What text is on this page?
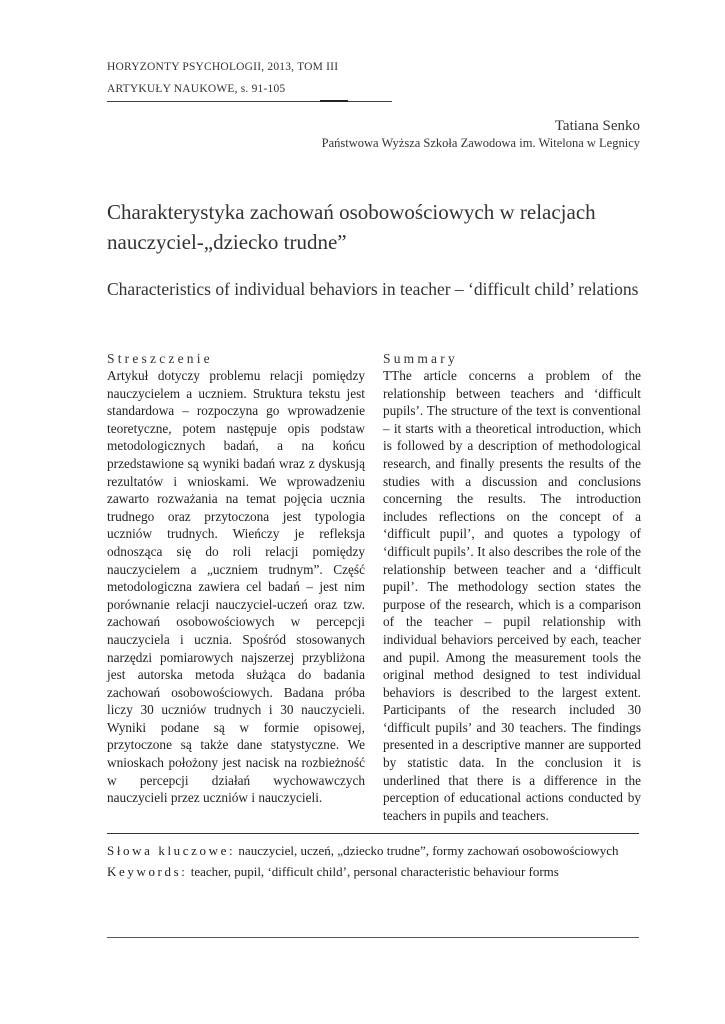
HORYZONTY PSYCHOLOGII, 2013, TOM III
ARTYKUŁY NAUKOWE, s. 91-105
Tatiana Senko
Państwowa Wyższa Szkoła Zawodowa im. Witelona w Legnicy
Charakterystyka zachowań osobowościowych w relacjach nauczyciel-„dziecko trudne”
Characteristics of individual behaviors in teacher – ‘difficult child’ relations
Streszczenie

Artykuł dotyczy problemu relacji pomiędzy nauczycielem a uczniem. Struktura tekstu jest standardowa – rozpoczyna go wprowadzenie teoretyczne, potem następuje opis podstaw metodologicznych badań, a na końcu przedstawione są wyniki badań wraz z dyskusją rezultatów i wnioskami. We wprowadzeniu zawarto rozważania na temat pojęcia ucznia trudnego oraz przytoczona jest typologia uczniów trudnych. Wieńczy je refleksja odnosząca się do roli relacji pomiędzy nauczycielem a „uczniem trudnym”. Część metodologiczna zawiera cel badań – jest nim porównanie relacji nauczyciel-uczeń oraz tzw. zachowań osobowościowych w percepcji nauczyciela i ucznia. Spośród stosowanych narzędzi pomiarowych najszerzej przybliżona jest autorska metoda służąca do badania zachowań osobowościowych. Badana próba liczy 30 uczniów trudnych i 30 nauczycieli. Wyniki podane są w formie opisowej, przytoczone są także dane statystyczne. We wnioskach położony jest nacisk na rozbieżność w percepcji działań wychowawczych nauczycieli przez uczniów i nauczycieli.

Summary

TThe article concerns a problem of the relationship between teachers and ‘difficult pupils’. The structure of the text is conventional – it starts with a theoretical introduction, which is followed by a description of methodological research, and finally presents the results of the studies with a discussion and conclusions concerning the results. The introduction includes reflections on the concept of a ‘difficult pupil’, and quotes a typology of ‘difficult pupils’. It also describes the role of the relationship between teacher and a ‘difficult pupil’. The methodology section states the purpose of the research, which is a comparison of the teacher – pupil relationship with individual behaviors perceived by each, teacher and pupil. Among the measurement tools the original method designed to test individual behaviors is described to the largest extent. Participants of the research included 30 ‘difficult pupils’ and 30 teachers. The findings presented in a descriptive manner are supported by statistic data. In the conclusion it is underlined that there is a difference in the perception of educational actions conducted by teachers in pupils and teachers.

Słowa kluczowe: nauczyciel, uczeń, „dziecko trudne”, formy zachowań osobowościowych
Keywords: teacher, pupil, ‘difficult child’, personal characteristic behaviour forms
